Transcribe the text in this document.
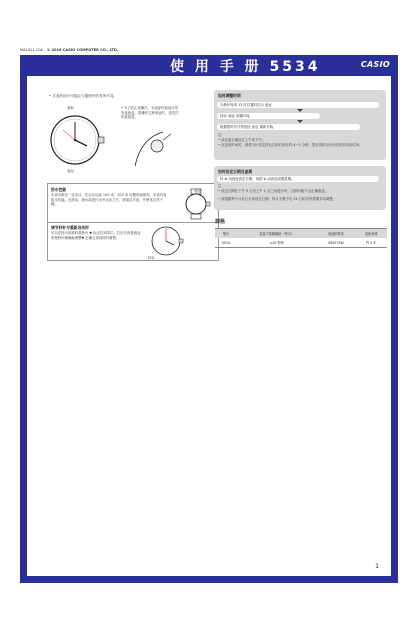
MA1611-ChA © 2016 CASIO COMPUTER CO., LTD.
使 用 手 册 5534	CASIO
• 手表的设计可能会与插图中的有所不同。
表秒
表冠
* 为了防止误操作，本表部份款设计带有旋旋盖。要操作这种表冠时，请先拧松旋旋盖。
防水性能
本表可承受一定水压，在水压达到 100 米、200 米 标题的深度前，本表具有防水性能。在游泳、潜水或进行水中活动之后，请清洁手表，并使其自然干燥。
表冠
调节秒针与重新启动时
可以在指示校准时将秒针 ▼ 标记拉到零位。拉出后再按表冠来使秒针精确地调整▼ 正确且得到好的调整。
秒针
如何调整时间
当秒针转到 12 时位置时拉出 表冠
转动 表冠 设置时间。
根据报时信号等按回 表冠 重新开始。
注
• 请注意正确设定上午或下午。
• 在更改时间时，请将分针设定得比目标时间多约 4~5 分钟，然后再将分针向后转回目标时间。
如何设定日期及星期
转 ⊗ 动表冠设定日期，再按 ⊗ 动表冠设置星期。
注
• 设定日期在下午 9 点至上午 1 点之间进行时，日期可能不会正确改变。
• 请根据每个月有几天来设定日期，每月天数不足 31 日的月份需要手动调整。
规格
型号	其温下的精确度（每月）	电池的种类	电池寿命
5534	±20 秒钟	SR927SW	约 2 年
1
